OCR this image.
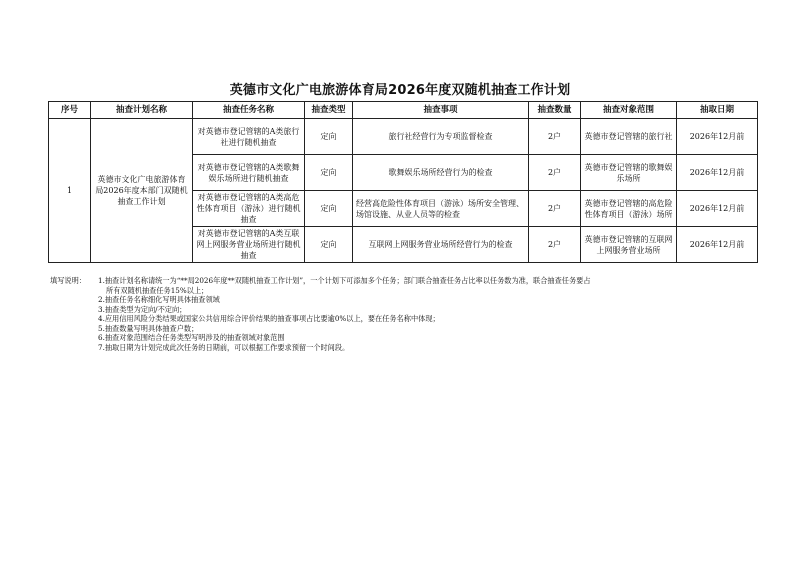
英德市文化广电旅游体育局2026年度双随机抽查工作计划
序号	抽查计划名称	抽查任务名称	抽查类型	抽查事项	抽查数量	抽查对象范围	抽取日期
1	英德市文化广电旅游体育局2026年度本部门双随机抽查工作计划	对英德市登记管辖的A类旅行社进行随机抽查	定向	旅行社经营行为专项监督检查	2户	英德市登记管辖的旅行社	2026年12月前
		对英德市登记管辖的A类歌舞娱乐场所进行随机抽查	定向	歌舞娱乐场所经营行为的检查	2户	英德市登记管辖的歌舞娱乐场所	2026年12月前
		对英德市登记管辖的A类高危性体育项目（游泳）进行随机抽查	定向	经营高危险性体育项目（游泳）场所安全管理、场馆设施、从业人员等的检查	2户	英德市登记管辖的高危险性体育项目（游泳）场所	2026年12月前
		对英德市登记管辖的A类互联网上网服务营业场所进行随机抽查	定向	互联网上网服务营业场所经营行为的检查	2户	英德市登记管辖的互联网上网服务营业场所	2026年12月前
填写说明： 1.抽查计划名称请统一为“**局2026年度**双随机抽查工作计划”，一个计划下可添加多个任务；部门联合抽查任务占比率以任务数为准，联合抽查任务要占
所有双随机抽查任务15%以上；
2.抽查任务名称细化写明具体抽查领域
3.抽查类型为定向/不定向；
4.应用信用风险分类结果或国家公共信用综合评价结果的抽查事项占比要逾0%以上，要在任务名称中体现；
5.抽查数量写明具体抽查户数；
6.抽查对象范围结合任务类型写明涉及的抽查领域对象范围
7.抽取日期为计划完成此次任务的日期前，可以根据工作要求预留一个时间段。
